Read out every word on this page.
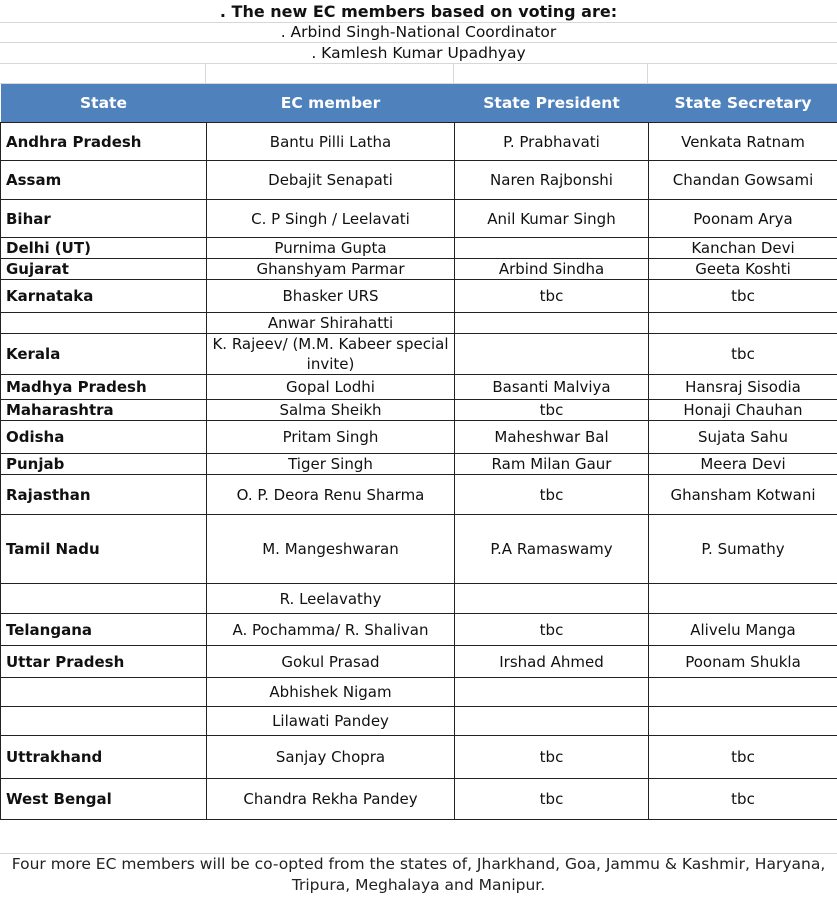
. The new EC members based on voting are:
. Arbind Singh-National Coordinator
. Kamlesh Kumar Upadhyay
State	EC member	State President	State Secretary
Andhra Pradesh	Bantu Pilli Latha	P. Prabhavati	Venkata Ratnam
Assam	Debajit Senapati	Naren Rajbonshi	Chandan Gowsami
Bihar	C. P Singh / Leelavati	Anil Kumar Singh	Poonam Arya
Delhi (UT)	Purnima Gupta		Kanchan Devi
Gujarat	Ghanshyam Parmar	Arbind Sindha	Geeta Koshti
Karnataka	Bhasker URS	tbc	tbc
	Anwar Shirahatti		
Kerala	K. Rajeev/ (M.M. Kabeer special invite)		tbc
Madhya Pradesh	Gopal Lodhi	Basanti Malviya	Hansraj Sisodia
Maharashtra	Salma Sheikh	tbc	Honaji Chauhan
Odisha	Pritam Singh	Maheshwar Bal	Sujata Sahu
Punjab	Tiger Singh	Ram Milan Gaur	Meera Devi
Rajasthan	O. P. Deora Renu Sharma	tbc	Ghansham Kotwani
Tamil Nadu	M. Mangeshwaran	P.A Ramaswamy	P. Sumathy
	R. Leelavathy		
Telangana	A. Pochamma/ R. Shalivan	tbc	Alivelu Manga
Uttar Pradesh	Gokul Prasad	Irshad Ahmed	Poonam Shukla
	Abhishek Nigam		
	Lilawati Pandey		
Uttrakhand	Sanjay Chopra	tbc	tbc
West Bengal	Chandra Rekha Pandey	tbc	tbc
Four more EC members will be co-opted from the states of, Jharkhand, Goa, Jammu & Kashmir, Haryana, Tripura, Meghalaya and Manipur.
